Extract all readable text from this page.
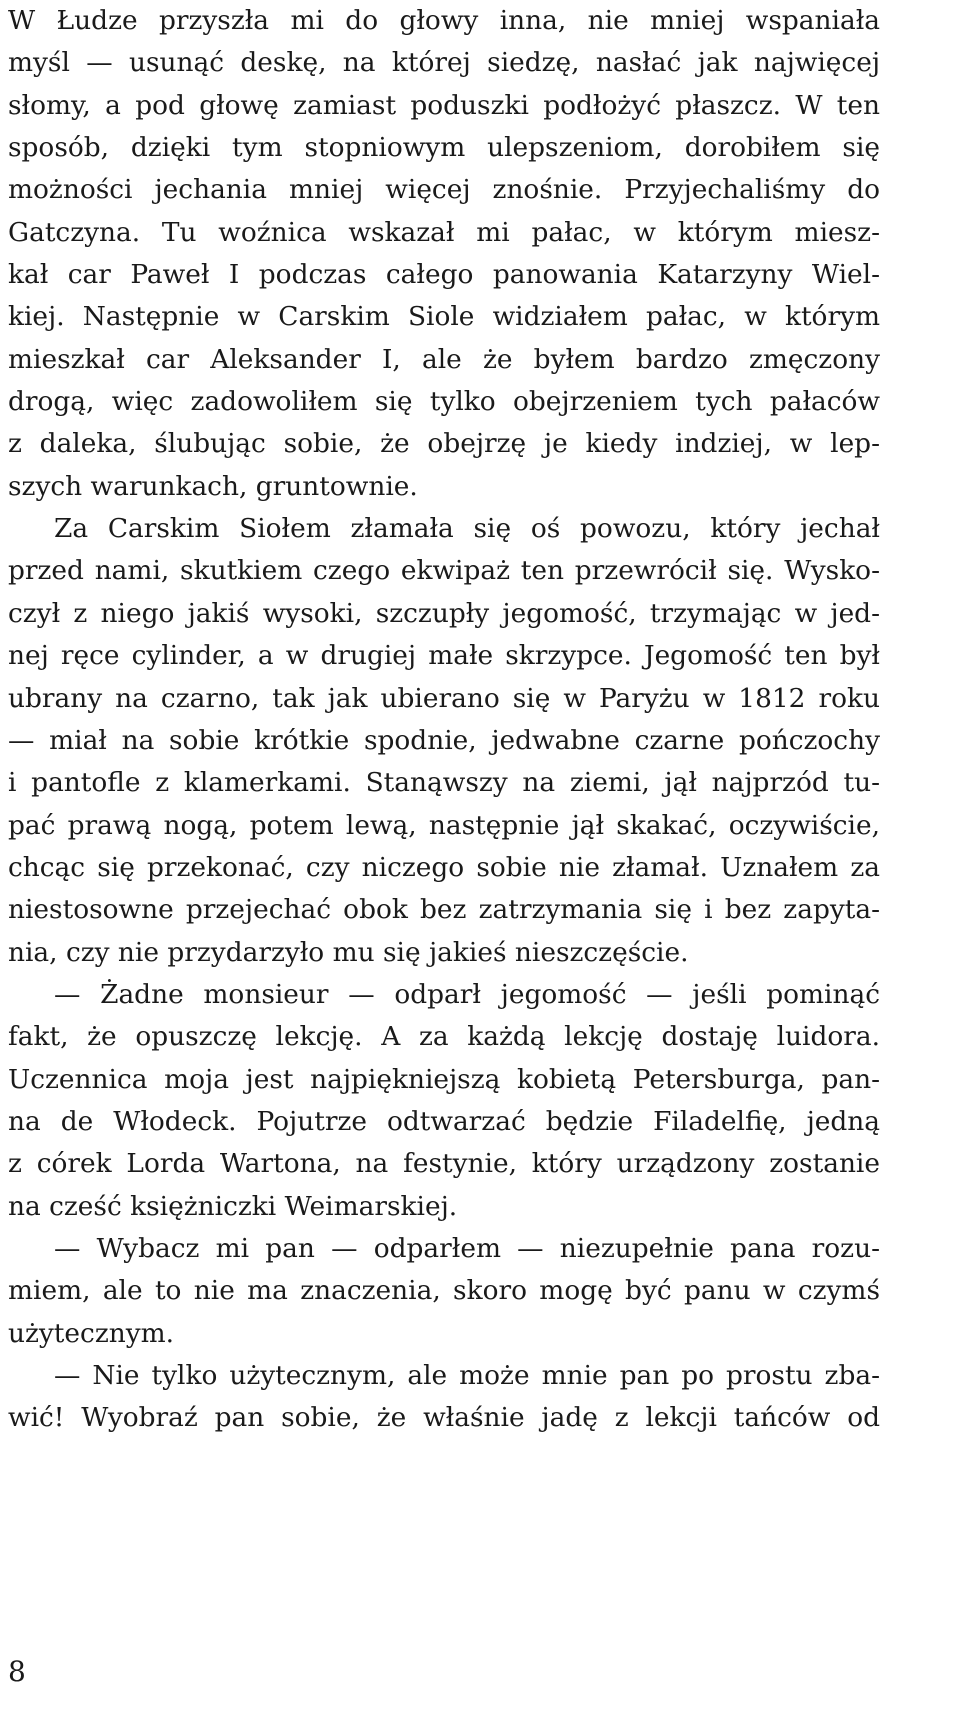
W Łudze przyszła mi do głowy inna, nie mniej wspaniała
myśl — usunąć deskę, na której siedzę, nasłać jak najwięcej
słomy, a pod głowę zamiast poduszki podłożyć płaszcz. W ten
sposób, dzięki tym stopniowym ulepszeniom, dorobiłem się
możności jechania mniej więcej znośnie. Przyjechaliśmy do
Gatczyna. Tu woźnica wskazał mi pałac, w którym miesz-
kał car Paweł I podczas całego panowania Katarzyny Wiel-
kiej. Następnie w Carskim Siole widziałem pałac, w którym
mieszkał car Aleksander I, ale że byłem bardzo zmęczony
drogą, więc zadowoliłem się tylko obejrzeniem tych pałaców
z daleka, ślubując sobie, że obejrzę je kiedy indziej, w lep-
szych warunkach, gruntownie.
Za Carskim Siołem złamała się oś powozu, który jechał
przed nami, skutkiem czego ekwipaż ten przewrócił się. Wysko-
czył z niego jakiś wysoki, szczupły jegomość, trzymając w jed-
nej ręce cylinder, a w drugiej małe skrzypce. Jegomość ten był
ubrany na czarno, tak jak ubierano się w Paryżu w 1812 roku
— miał na sobie krótkie spodnie, jedwabne czarne pończochy
i pantofle z klamerkami. Stanąwszy na ziemi, jął najprzód tu-
pać prawą nogą, potem lewą, następnie jął skakać, oczywiście,
chcąc się przekonać, czy niczego sobie nie złamał. Uznałem za
niestosowne przejechać obok bez zatrzymania się i bez zapyta-
nia, czy nie przydarzyło mu się jakieś nieszczęście.
— Żadne monsieur — odparł jegomość — jeśli pominąć
fakt, że opuszczę lekcję. A za każdą lekcję dostaję luidora.
Uczennica moja jest najpiękniejszą kobietą Petersburga, pan-
na de Włodeck. Pojutrze odtwarzać będzie Filadelfię, jedną
z córek Lorda Wartona, na festynie, który urządzony zostanie
na cześć księżniczki Weimarskiej.
— Wybacz mi pan — odparłem — niezupełnie pana rozu-
miem, ale to nie ma znaczenia, skoro mogę być panu w czymś
użytecznym.
— Nie tylko użytecznym, ale może mnie pan po prostu zba-
wić! Wyobraź pan sobie, że właśnie jadę z lekcji tańców od
8
